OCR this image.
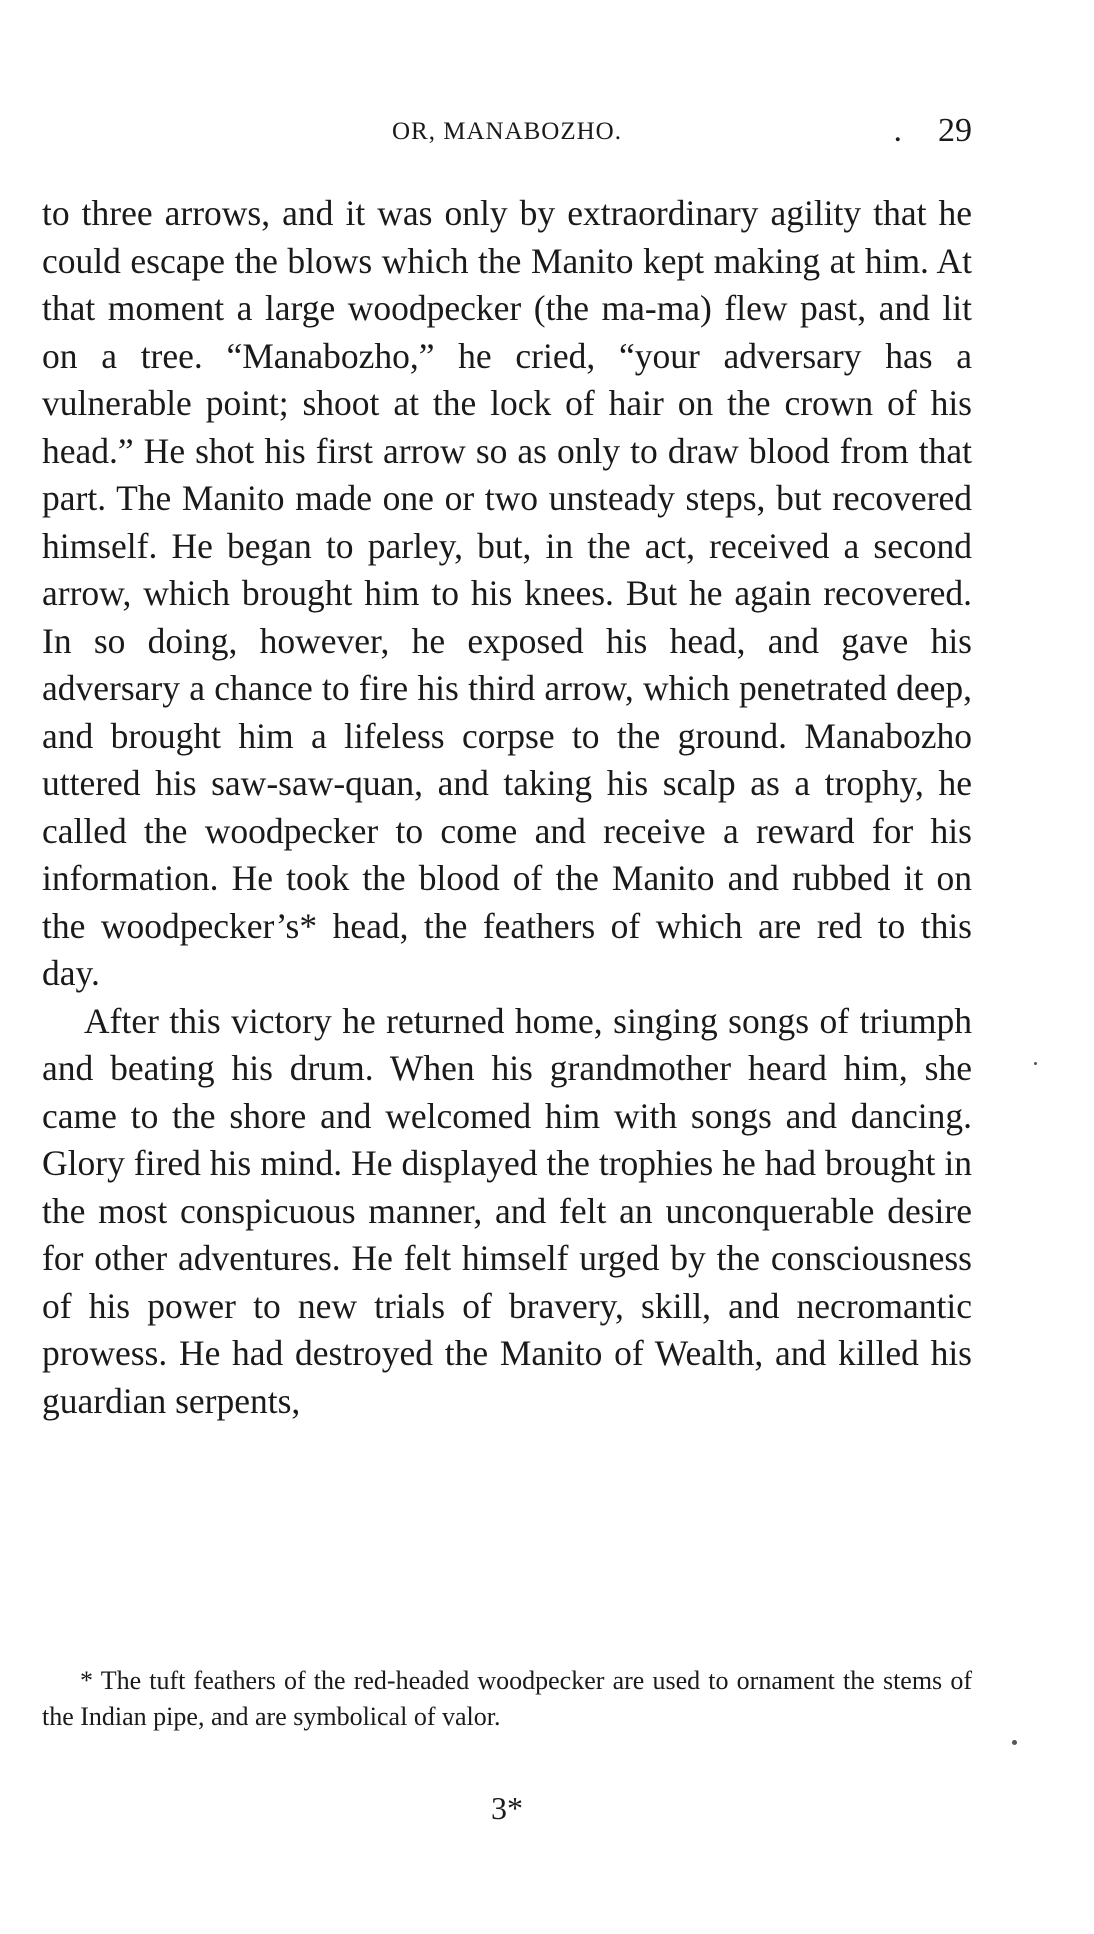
OR, MANABOZHO.	. 29

to three arrows, and it was only by extraordinary agility that he could escape the blows which the Manito kept making at him. At that moment a large woodpecker (the ma-ma) flew past, and lit on a tree. “Manabozho,” he cried, “your adversary has a vulnerable point; shoot at the lock of hair on the crown of his head.” He shot his first arrow so as only to draw blood from that part. The Manito made one or two unsteady steps, but recovered himself. He began to parley, but, in the act, received a second arrow, which brought him to his knees. But he again recovered. In so doing, however, he exposed his head, and gave his adversary a chance to fire his third arrow, which penetrated deep, and brought him a lifeless corpse to the ground. Manabozho uttered his saw-saw-quan, and taking his scalp as a trophy, he called the woodpecker to come and receive a reward for his information. He took the blood of the Manito and rubbed it on the woodpecker’s* head, the feathers of which are red to this day.

After this victory he returned home, singing songs of triumph and beating his drum. When his grandmother heard him, she came to the shore and welcomed him with songs and dancing. Glory fired his mind. He displayed the trophies he had brought in the most conspicuous manner, and felt an unconquerable desire for other adventures. He felt himself urged by the consciousness of his power to new trials of bravery, skill, and necromantic prowess. He had destroyed the Manito of Wealth, and killed his guardian serpents,

* The tuft feathers of the red-headed woodpecker are used to ornament the stems of the Indian pipe, and are symbolical of valor.

3*
